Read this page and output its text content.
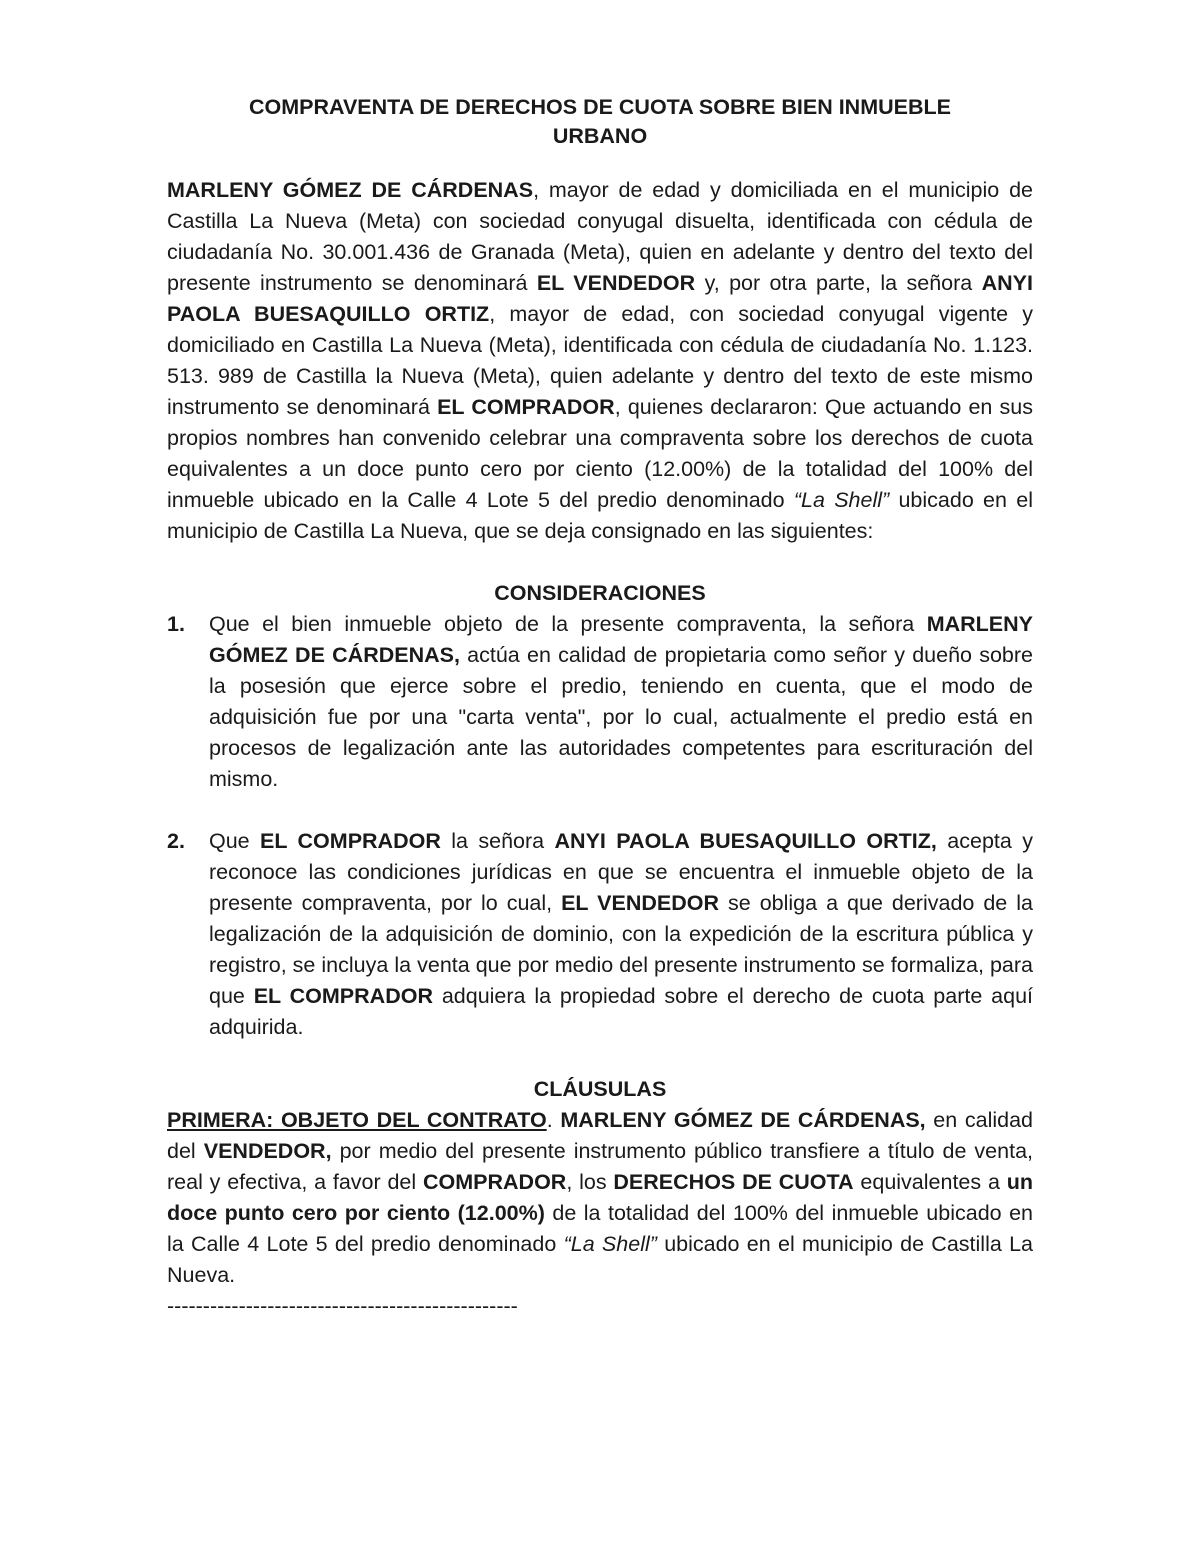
COMPRAVENTA DE DERECHOS DE CUOTA SOBRE BIEN INMUEBLE
URBANO

MARLENY GÓMEZ DE CÁRDENAS, mayor de edad y domiciliada en el municipio de Castilla La Nueva (Meta) con sociedad conyugal disuelta, identificada con cédula de ciudadanía No. 30.001.436 de Granada (Meta), quien en adelante y dentro del texto del presente instrumento se denominará EL VENDEDOR y, por otra parte, la señora ANYI PAOLA BUESAQUILLO ORTIZ, mayor de edad, con sociedad conyugal vigente y domiciliado en Castilla La Nueva (Meta), identificada con cédula de ciudadanía No. 1.123. 513. 989 de Castilla la Nueva (Meta), quien adelante y dentro del texto de este mismo instrumento se denominará EL COMPRADOR, quienes declararon: Que actuando en sus propios nombres han convenido celebrar una compraventa sobre los derechos de cuota equivalentes a un doce punto cero por ciento (12.00%) de la totalidad del 100% del inmueble ubicado en la Calle 4 Lote 5 del predio denominado “La Shell” ubicado en el municipio de Castilla La Nueva, que se deja consignado en las siguientes:

CONSIDERACIONES

1.	Que el bien inmueble objeto de la presente compraventa, la señora MARLENY GÓMEZ DE CÁRDENAS, actúa en calidad de propietaria como señor y dueño sobre la posesión que ejerce sobre el predio, teniendo en cuenta, que el modo de adquisición fue por una "carta venta", por lo cual, actualmente el predio está en procesos de legalización ante las autoridades competentes para escrituración del mismo.
2.	Que EL COMPRADOR la señora ANYI PAOLA BUESAQUILLO ORTIZ, acepta y reconoce las condiciones jurídicas en que se encuentra el inmueble objeto de la presente compraventa, por lo cual, EL VENDEDOR se obliga a que derivado de la legalización de la adquisición de dominio, con la expedición de la escritura pública y registro, se incluya la venta que por medio del presente instrumento se formaliza, para que EL COMPRADOR adquiera la propiedad sobre el derecho de cuota parte aquí adquirida.

CLÁUSULAS

PRIMERA: OBJETO DEL CONTRATO. MARLENY GÓMEZ DE CÁRDENAS, en calidad del VENDEDOR, por medio del presente instrumento público transfiere a título de venta, real y efectiva, a favor del COMPRADOR, los DERECHOS DE CUOTA equivalentes a un doce punto cero por ciento (12.00%) de la totalidad del 100% del inmueble ubicado en la Calle 4 Lote 5 del predio denominado “La Shell” ubicado en el municipio de Castilla La Nueva.

-------------------------------------------------
